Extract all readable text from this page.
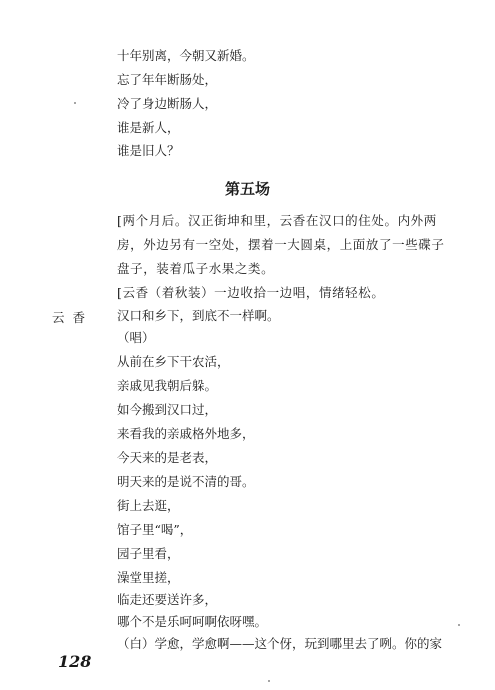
十年别离，今朝又新婚。
忘了年年断肠处，
冷了身边断肠人，
谁是新人，
谁是旧人？
第五场
[两个月后。汉正街坤和里，云香在汉口的住处。内外两
房，外边另有一空处，摆着一大圆桌，上面放了一些碟子
盘子，装着瓜子水果之类。
[云香（着秋装）一边收拾一边唱，情绪轻松。
云香 汉口和乡下，到底不一样啊。
（唱）
从前在乡下干农活，
亲戚见我朝后躲。
如今搬到汉口过，
来看我的亲戚格外地多，
今天来的是老表，
明天来的是说不清的哥。
街上去逛，
馆子里“喝”，
园子里看，
澡堂里搓，
临走还要送许多，
哪个不是乐呵呵啊依呀嘿。
（白）学愈，学愈啊——这个伢，玩到哪里去了咧。你的家
128
